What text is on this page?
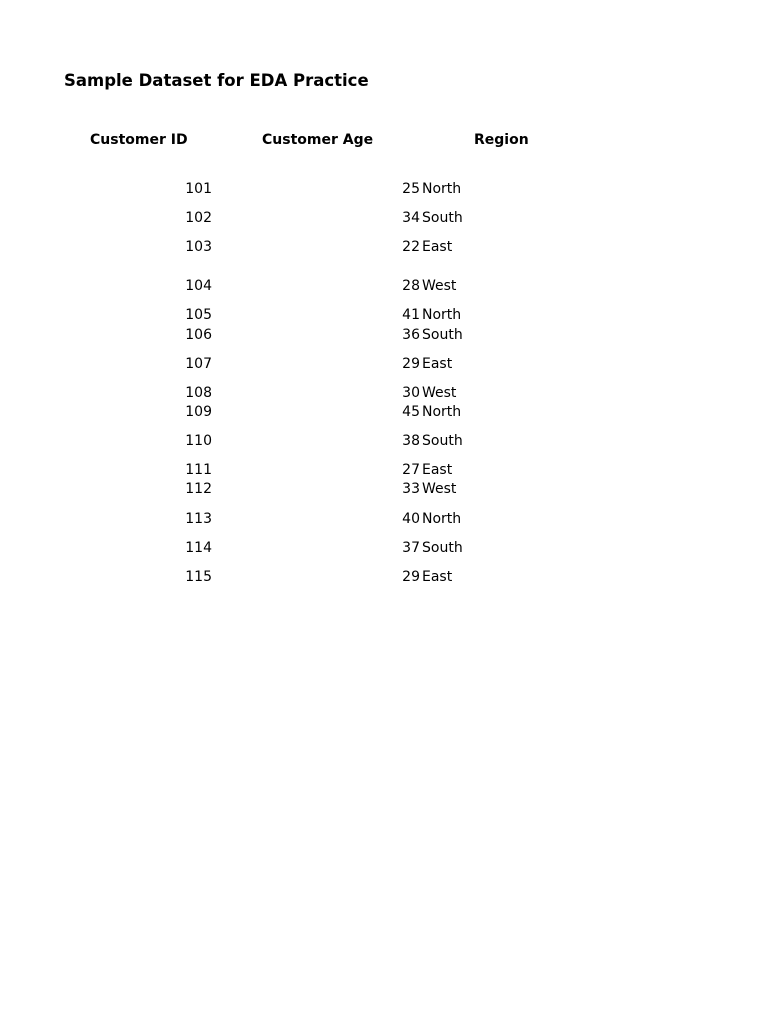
Sample Dataset for EDA Practice
Customer ID	Customer Age	Region
101	25 North
102	34 South
103	22 East
104	28 West
105	41 North
106	36 South
107	29 East
108	30 West
109	45 North
110	38 South
111	27 East
112	33 West
113	40 North
114	37 South
115	29 East
